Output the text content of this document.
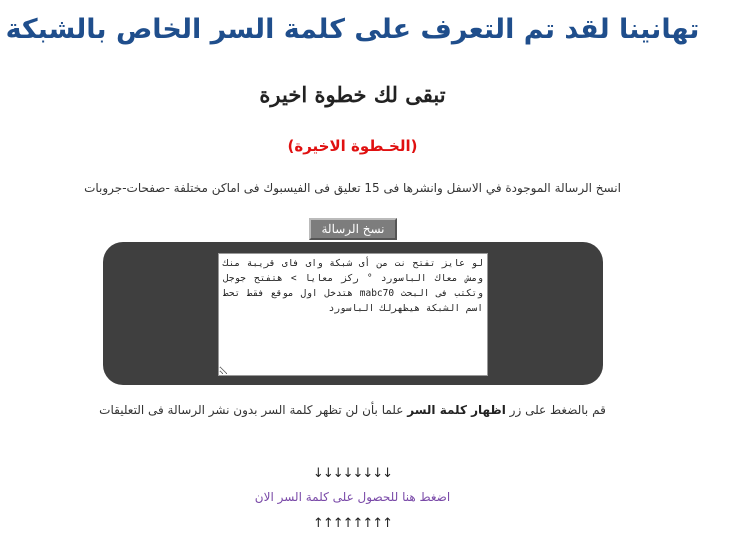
تهانينا لقد تم التعرف على كلمة السر الخاص بالشبكة
تبقى لك خطوة اخيرة
(الخـطوة الاخيرة)
انسخ الرسالة الموجودة في الاسفل وانشرها فى 15 تعليق فى الفيسبوك فى اماكن مختلفة -صفحات-جروبات
نسخ الرسالة
لو عايز تفتح نت من أى شبكة واى فاى قريبة منك ومش معاك الباسورد ° ركز معايا > هتفتح جوجل وتكتب فى البحث mabc70 هتدخل اول موقع فقط تحط اسم الشبكة هيظهرلك الباسورد
قم بالضغط على زر اظهار كلمة السر علما بأن لن تظهر كلمة السر بدون نشر الرسالة فى التعليقات
↓↓↓↓↓↓↓↓
اضغط هنا للحصول على كلمة السر الان
↑↑↑↑↑↑↑↑
